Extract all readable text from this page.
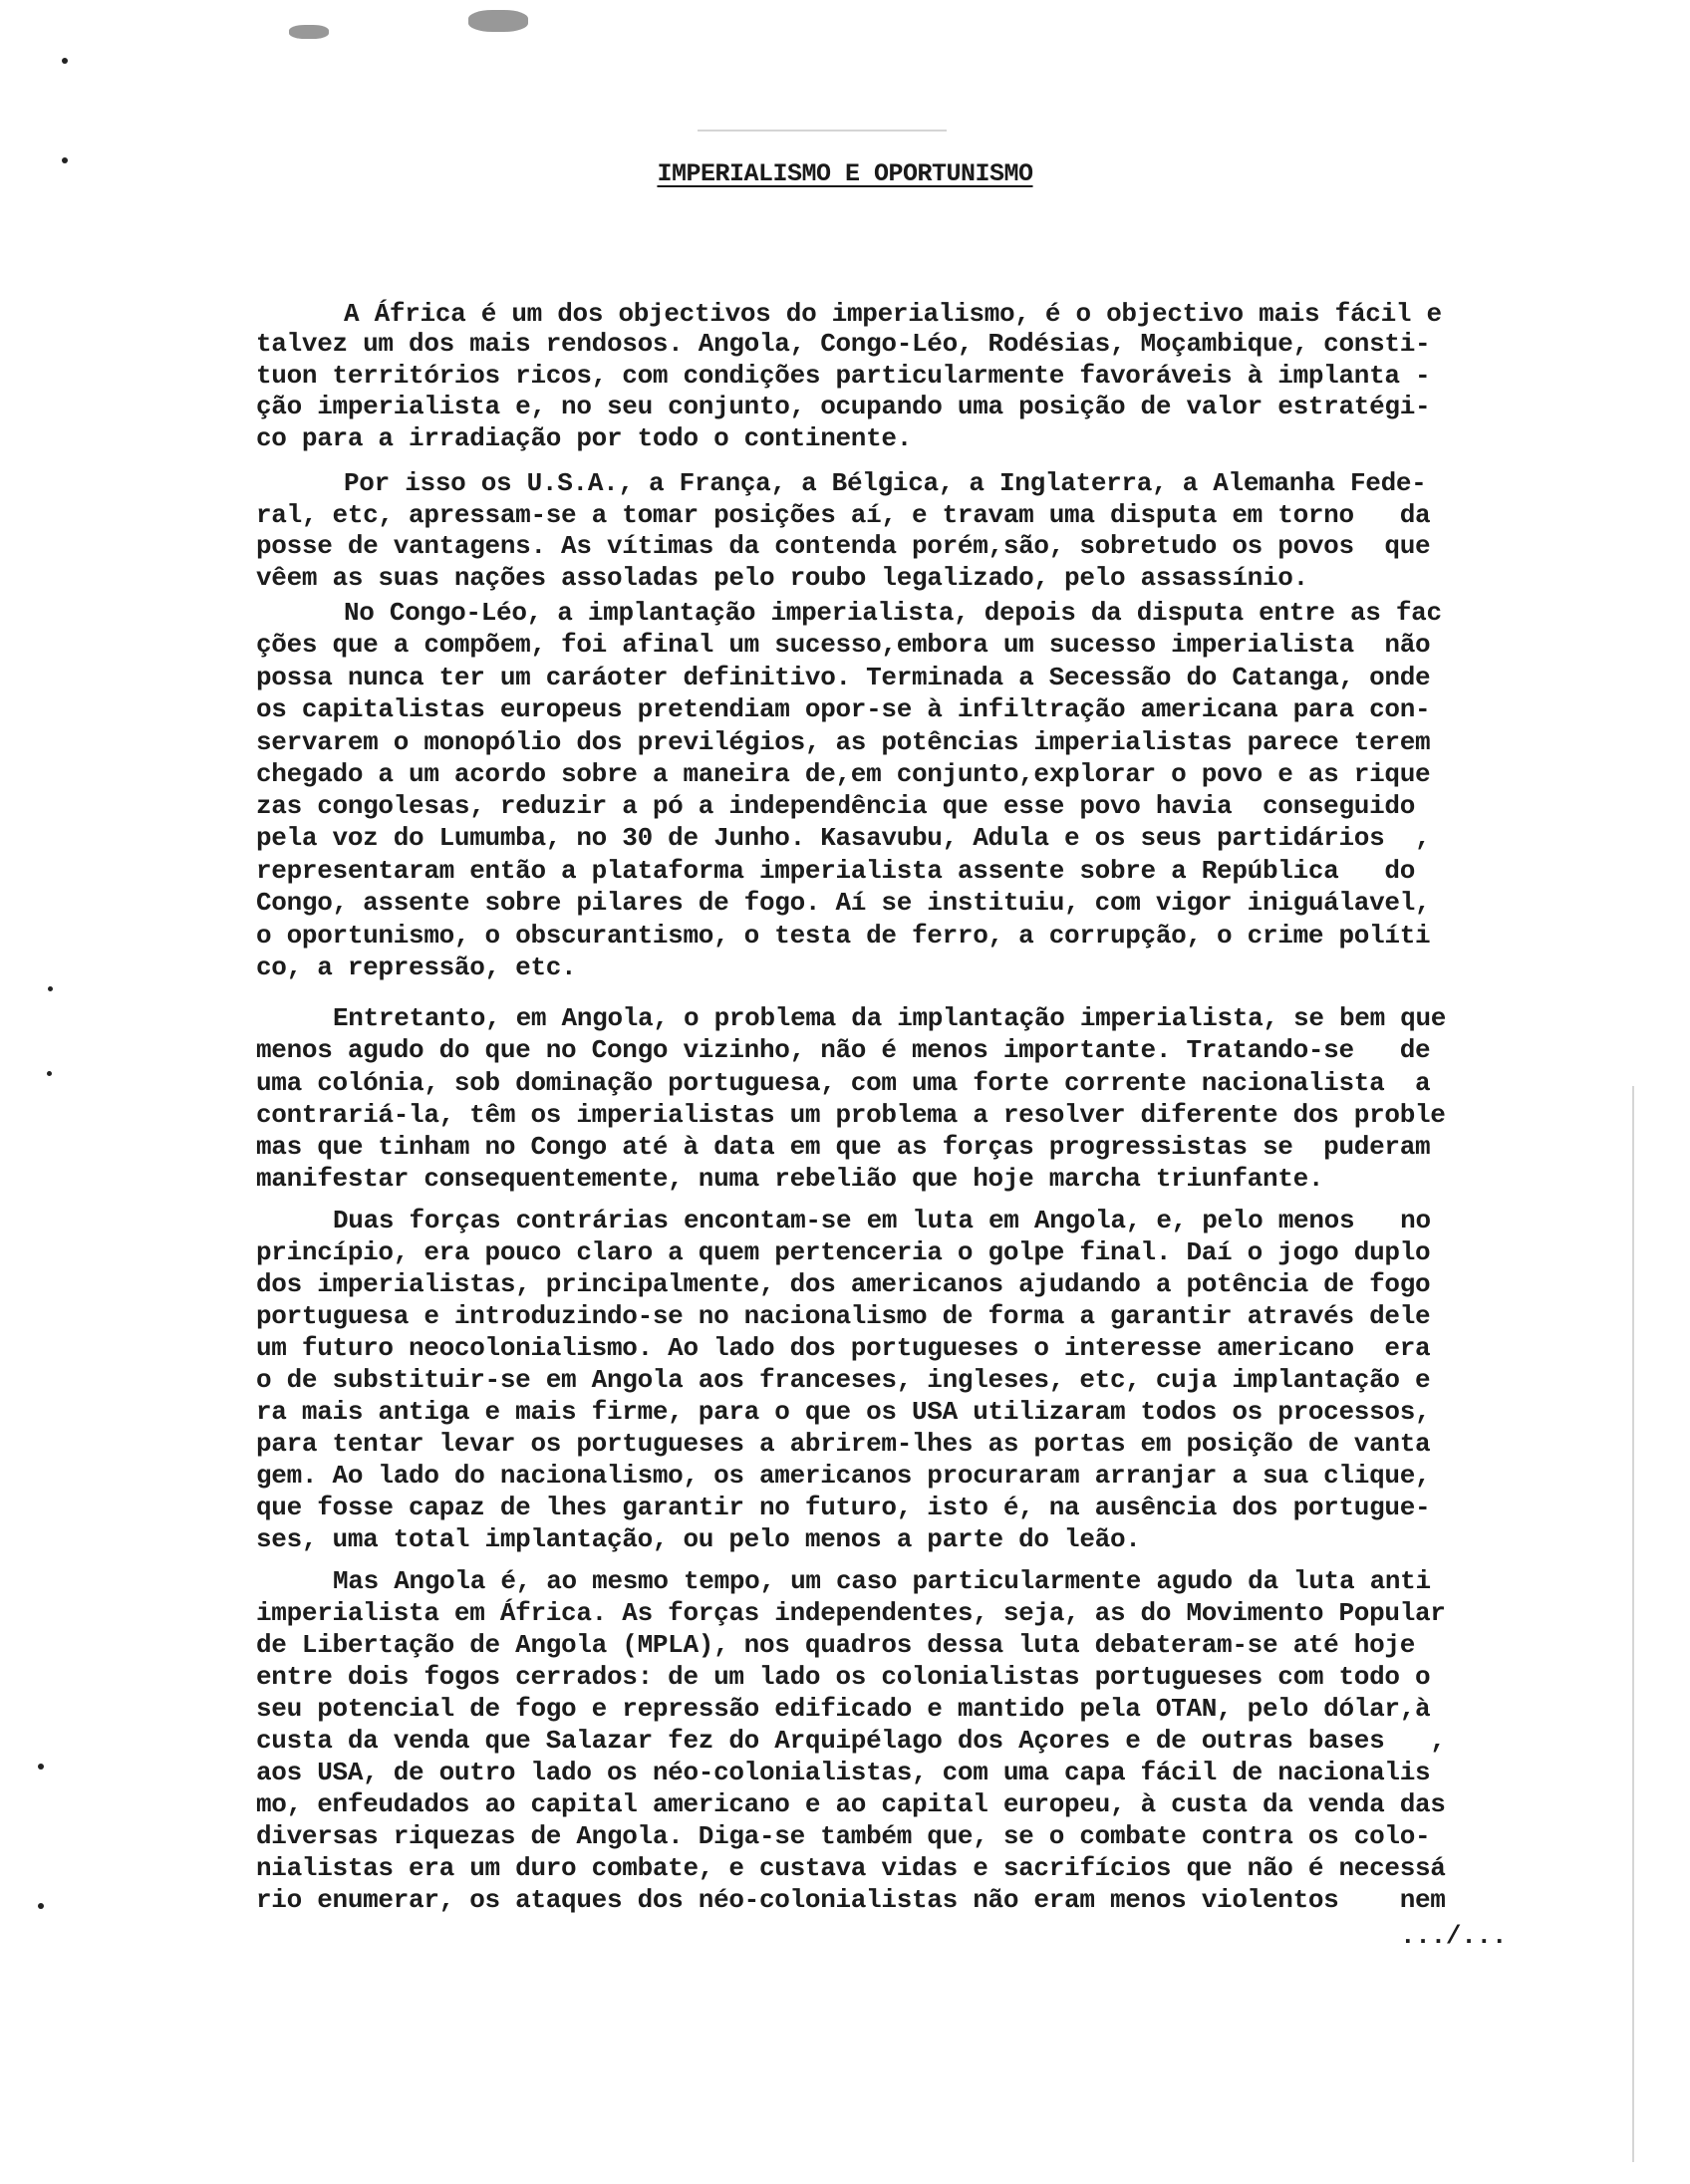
IMPERIALISMO E OPORTUNISMO
A África é um dos objectivos do imperialismo, é o objectivo mais fácil e
talvez um dos mais rendosos. Angola, Congo-Léo, Rodésias, Moçambique, consti-
tuon territórios ricos, com condições particularmente favoráveis à implanta -
ção imperialista e, no seu conjunto, ocupando uma posição de valor estratégi-
co para a irradiação por todo o continente.
Por isso os U.S.A., a França, a Bélgica, a Inglaterra, a Alemanha Fede-
ral, etc, apressam-se a tomar posições aí, e travam uma disputa em torno   da
posse de vantagens. As vítimas da contenda porém,são, sobretudo os povos  que
vêem as suas nações assoladas pelo roubo legalizado, pelo assassínio.
No Congo-Léo, a implantação imperialista, depois da disputa entre as fac
ções que a compõem, foi afinal um sucesso,embora um sucesso imperialista  não
possa nunca ter um caráoter definitivo. Terminada a Secessão do Catanga, onde
os capitalistas europeus pretendiam opor-se à infiltração americana para con-
servarem o monopólio dos previlégios, as potências imperialistas parece terem
chegado a um acordo sobre a maneira de,em conjunto,explorar o povo e as rique
zas congolesas, reduzir a pó a independência que esse povo havia  conseguido
pela voz do Lumumba, no 30 de Junho. Kasavubu, Adula e os seus partidários  ,
representaram então a plataforma imperialista assente sobre a República   do
Congo, assente sobre pilares de fogo. Aí se instituiu, com vigor iniguálavel,
o oportunismo, o obscurantismo, o testa de ferro, a corrupção, o crime políti
co, a repressão, etc.
Entretanto, em Angola, o problema da implantação imperialista, se bem que
menos agudo do que no Congo vizinho, não é menos importante. Tratando-se   de
uma colónia, sob dominação portuguesa, com uma forte corrente nacionalista  a
contrariá-la, têm os imperialistas um problema a resolver diferente dos proble
mas que tinham no Congo até à data em que as forças progressistas se  puderam
manifestar consequentemente, numa rebelião que hoje marcha triunfante.
Duas forças contrárias encontam-se em luta em Angola, e, pelo menos   no
princípio, era pouco claro a quem pertenceria o golpe final. Daí o jogo duplo
dos imperialistas, principalmente, dos americanos ajudando a potência de fogo
portuguesa e introduzindo-se no nacionalismo de forma a garantir através dele
um futuro neocolonialismo. Ao lado dos portugueses o interesse americano  era
o de substituir-se em Angola aos franceses, ingleses, etc, cuja implantação e
ra mais antiga e mais firme, para o que os USA utilizaram todos os processos,
para tentar levar os portugueses a abrirem-lhes as portas em posição de vanta
gem. Ao lado do nacionalismo, os americanos procuraram arranjar a sua clique,
que fosse capaz de lhes garantir no futuro, isto é, na ausência dos portugue-
ses, uma total implantação, ou pelo menos a parte do leão.
Mas Angola é, ao mesmo tempo, um caso particularmente agudo da luta anti
imperialista em África. As forças independentes, seja, as do Movimento Popular
de Libertação de Angola (MPLA), nos quadros dessa luta debateram-se até hoje
entre dois fogos cerrados: de um lado os colonialistas portugueses com todo o
seu potencial de fogo e repressão edificado e mantido pela OTAN, pelo dólar,à
custa da venda que Salazar fez do Arquipélago dos Açores e de outras bases   ,
aos USA, de outro lado os néo-colonialistas, com uma capa fácil de nacionalis
mo, enfeudados ao capital americano e ao capital europeu, à custa da venda das
diversas riquezas de Angola. Diga-se também que, se o combate contra os colo-
nialistas era um duro combate, e custava vidas e sacrifícios que não é necessá
rio enumerar, os ataques dos néo-colonialistas não eram menos violentos    nem
.../...
